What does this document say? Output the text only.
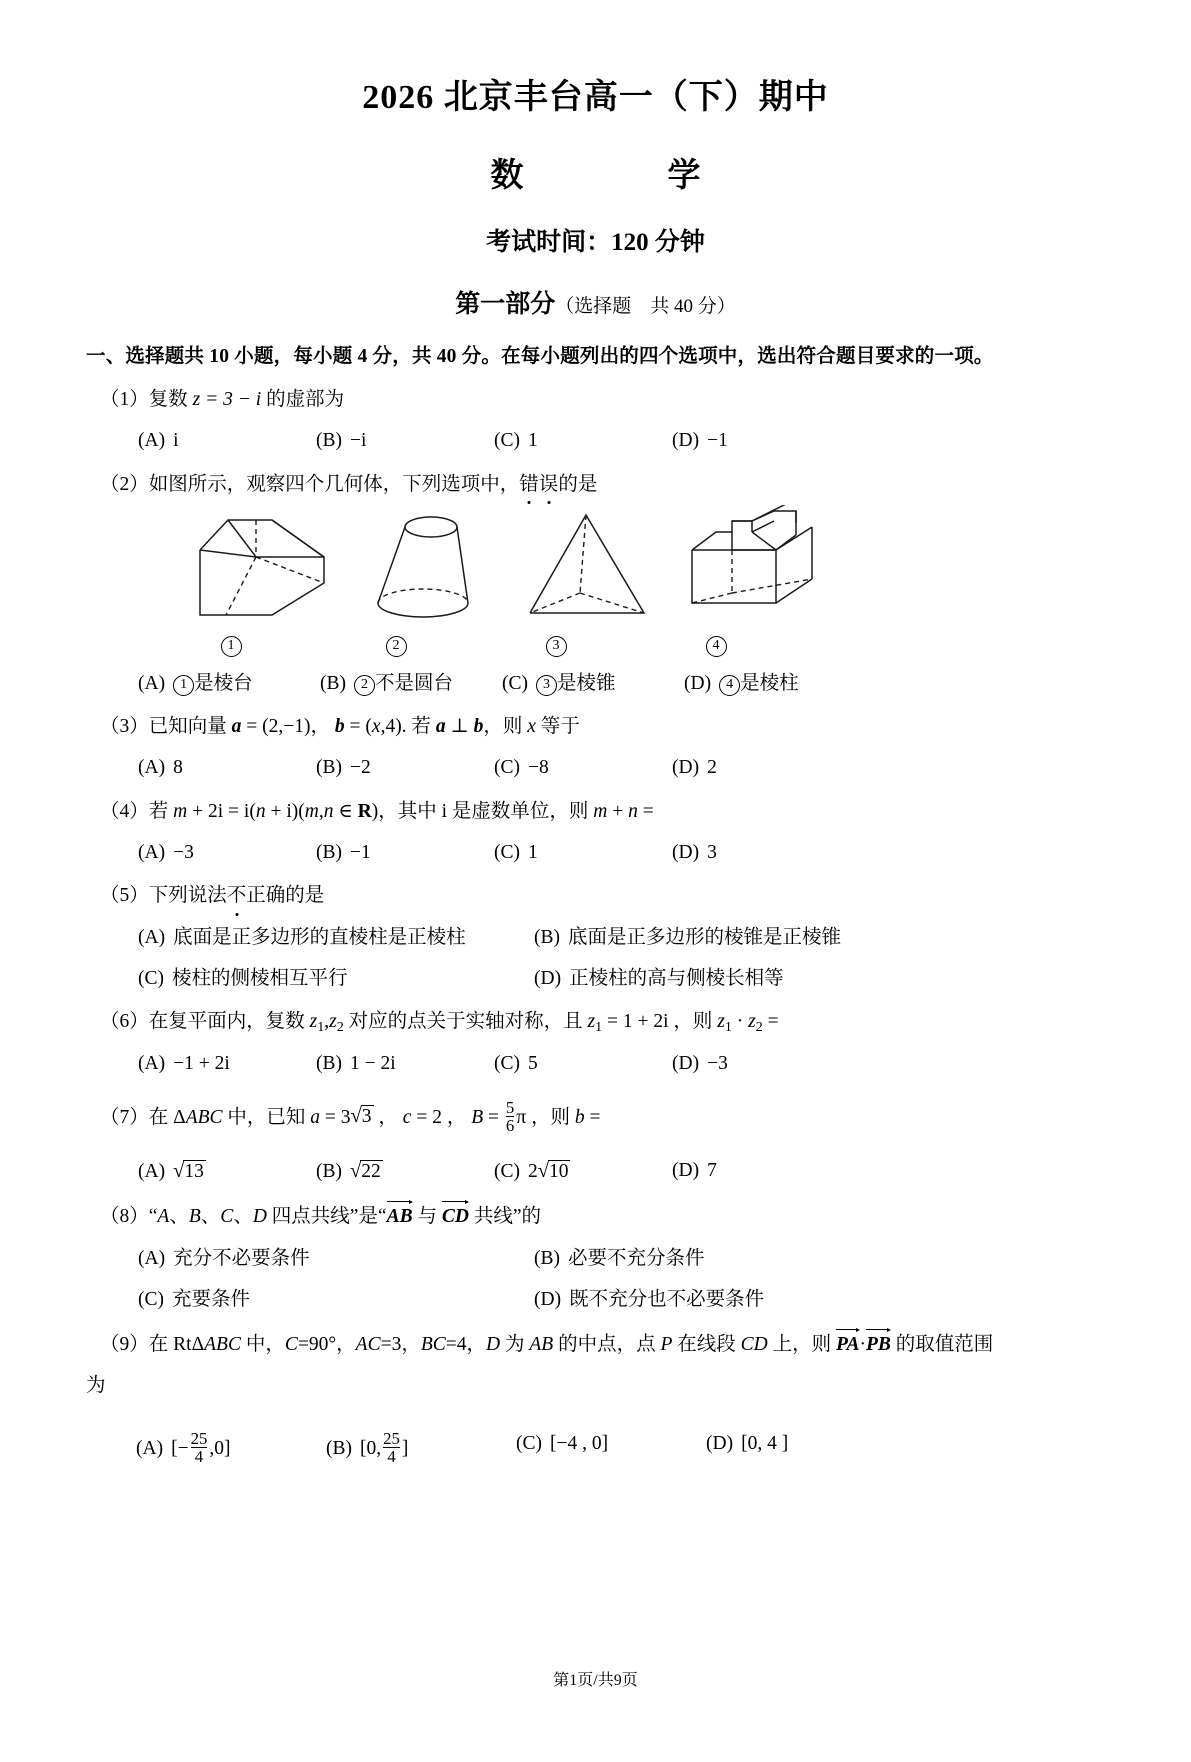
2026 北京丰台高一（下）期中
数　　学
考试时间：120 分钟
第一部分（选择题　共 40 分）
一、选择题共 10 小题，每小题 4 分，共 40 分。在每小题列出的四个选项中，选出符合题目要求的一项。
（1）复数 z = 3 − i 的虚部为
(A) i	(B) −i	(C) 1	(D) −1
（2）如图所示，观察四个几何体，下列选项中，错误的是
1	2	3	4
(A) 1 是棱台	(B) 2 不是圆台	(C) 3 是棱锥	(D) 4 是棱柱
（3）已知向量 a = (2,−1)， b = (x,4). 若 a ⊥ b，则 x 等于
(A) 8	(B) −2	(C) −8	(D) 2
（4）若 m + 2i = i(n + i)(m,n ∈ R)，其中 i 是虚数单位，则 m + n =
(A) −3	(B) −1	(C) 1	(D) 3
（5）下列说法不正确的是
(A) 底面是正多边形的直棱柱是正棱柱	(B) 底面是正多边形的棱锥是正棱锥
(C) 棱柱的侧棱相互平行	(D) 正棱柱的高与侧棱长相等
（6）在复平面内，复数 $z_1,z_2$ 对应的点关于实轴对称，且 $z_1 = 1 + 2i$ ，则 $z_1 \cdot z_2$ =
(A) −1 + 2i	(B) 1 − 2i	(C) 5	(D) −3
（7）在 ΔABC 中，已知 a = 3√3 ， c = 2 ， $B = \frac{5}{6}$ π ，则 b =
(A) √13	(B) √22	(C) 2√10	(D) 7
（8）“A、B、C、D 四点共线”是“AB 与 CD 共线”的
(A) 充分不必要条件	(B) 必要不充分条件
(C) 充要条件	(D) 既不充分也不必要条件
（9）在 RtΔABC 中，C=90°，AC=3，BC=4，D 为 AB 的中点，点 P 在线段 CD 上，则 PA·PB 的取值范围
为
(A) [− $\frac{25}{4} ,0$]	(B) [0, $\frac{25}{4}$ ]	(C) [−4 , 0]	(D) [0, 4 ]
第1页/共9页
